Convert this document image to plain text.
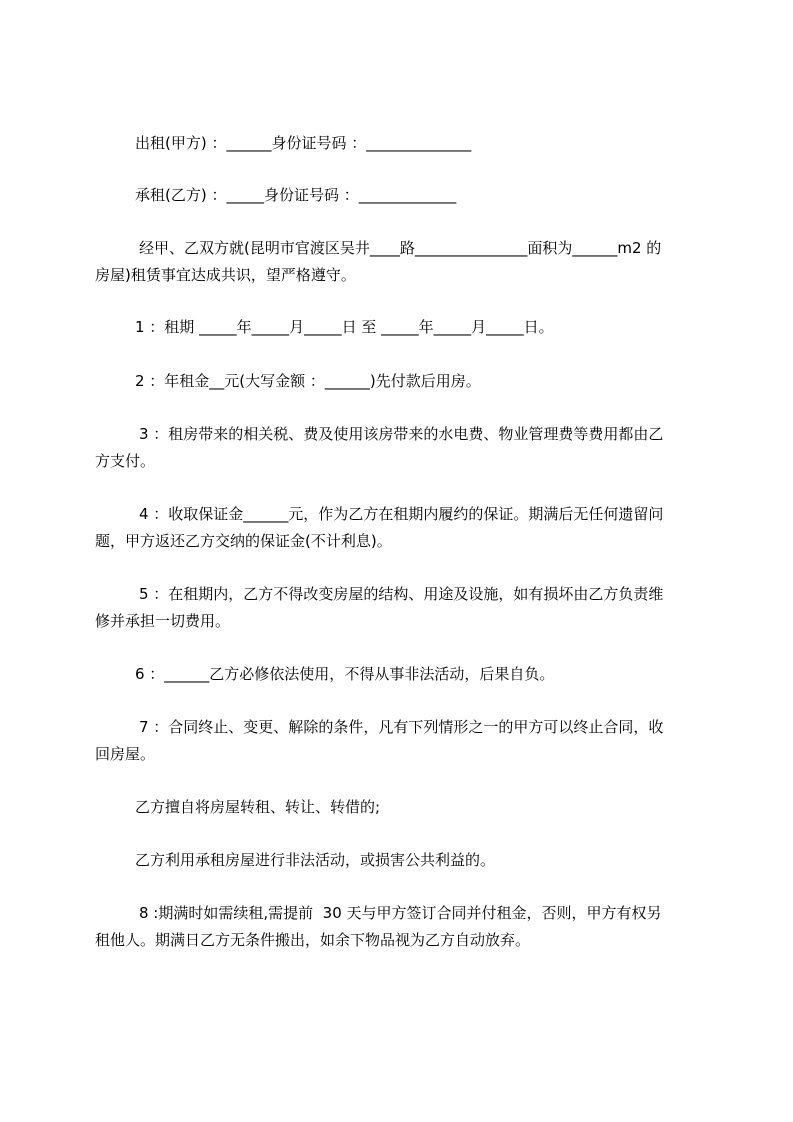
出租(甲方) ：______身份证号码 ：______________

承租(乙方) ：_____身份证号码 ：_____________

经甲、乙双方就(昆明市官渡区吴井____路_______________面积为______m2 的

房屋)租赁事宜达成共识，望严格遵守。

1 ：租期 _____年_____月_____日 至 _____年_____月_____日。

2 ：年租金__元(大写金额 ：______)先付款后用房。

3 ：租房带来的相关税、费及使用该房带来的水电费、物业管理费等费用都由乙

方支付。

4 ：收取保证金______元，作为乙方在租期内履约的保证。期满后无任何遗留问

题，甲方返还乙方交纳的保证金(不计利息)。

5 ：在租期内，乙方不得改变房屋的结构、用途及设施，如有损坏由乙方负责维

修并承担一切费用。

6 ：______乙方必修依法使用，不得从事非法活动，后果自负。

7 ：合同终止、变更、解除的条件，凡有下列情形之一的甲方可以终止合同，收

回房屋。

乙方擅自将房屋转租、转让、转借的;

乙方利用承租房屋进行非法活动，或损害公共利益的。

8 :期满时如需续租,需提前  30 天与甲方签订合同并付租金，否则，甲方有权另

租他人。期满日乙方无条件搬出，如余下物品视为乙方自动放弃。
